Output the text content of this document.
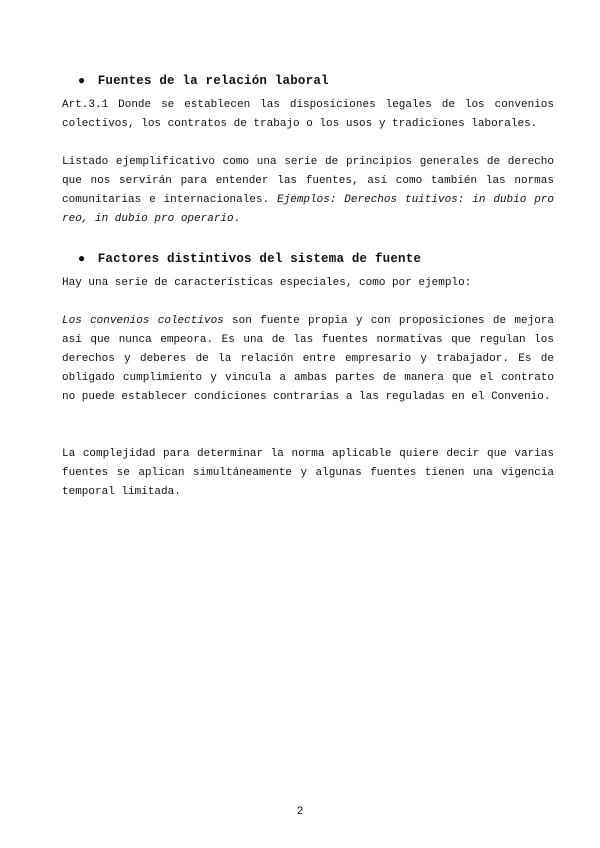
● Fuentes de la relación laboral

Art.3.1 Donde se establecen las disposiciones legales de los convenios colectivos, los contratos de trabajo o los usos y tradiciones laborales.

Listado ejemplificativo como una serie de principios generales de derecho que nos servirán para entender las fuentes, así como también las normas comunitarias e internacionales. Ejemplos: Derechos tuitivos: in dubio pro reo, in dubio pro operario.

● Factores distintivos del sistema de fuente

Hay una serie de características especiales, como por ejemplo:

Los convenios colectivos son fuente propia y con proposiciones de mejora así que nunca empeora. Es una de las fuentes normativas que regulan los derechos y deberes de la relación entre empresario y trabajador. Es de obligado cumplimiento y vincula a ambas partes de manera que el contrato no puede establecer condiciones contrarias a las reguladas en el Convenio.

La complejidad para determinar la norma aplicable quiere decir que varias fuentes se aplican simultáneamente y algunas fuentes tienen una vigencia temporal limitada.

2
